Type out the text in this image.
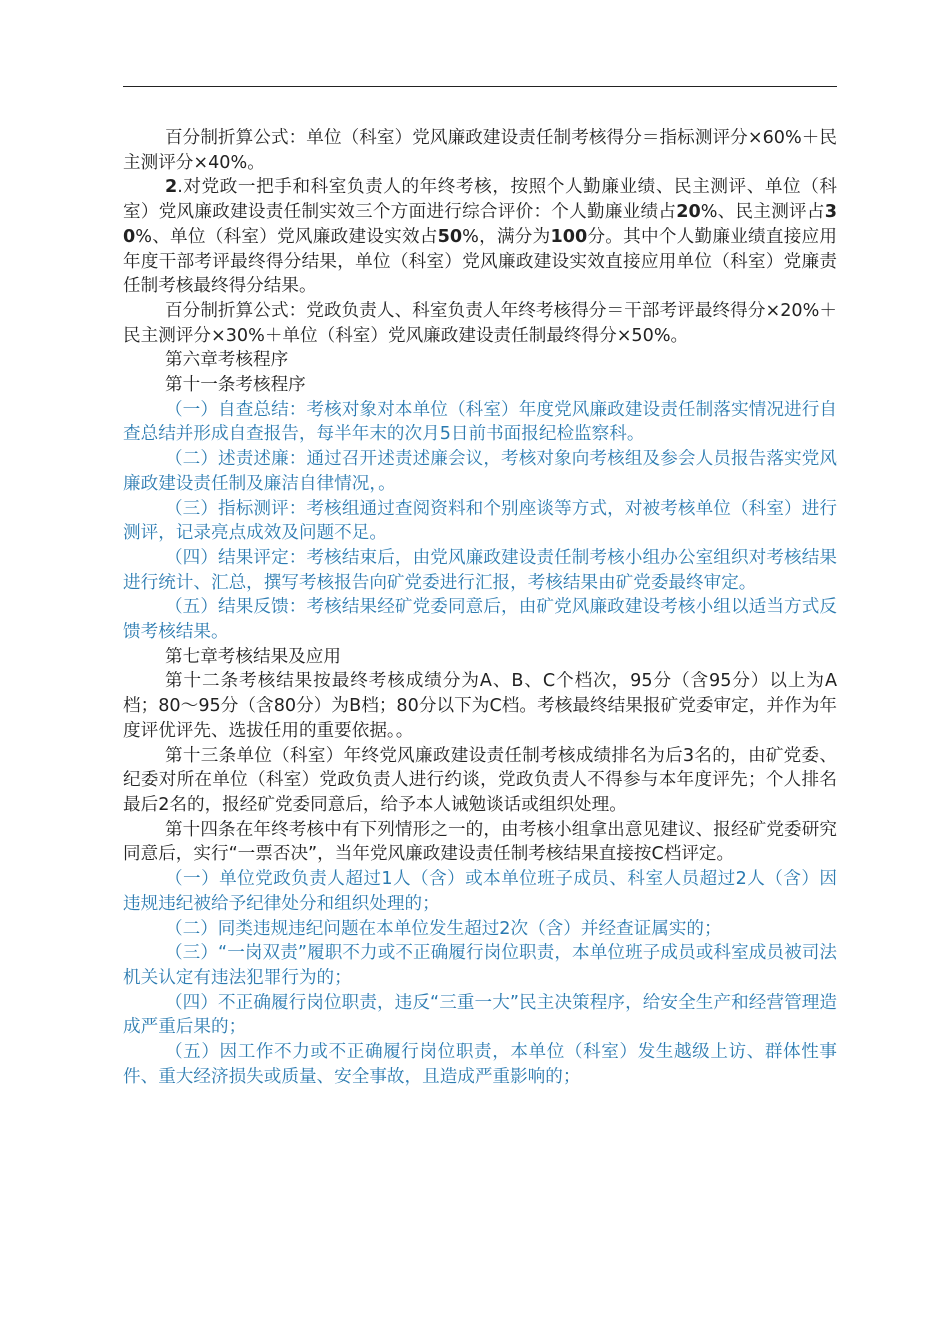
百分制折算公式：单位（科室）党风廉政建设责任制考核得分＝指标测评分×60%＋民主测评分×40%。

2.对党政一把手和科室负责人的年终考核，按照个人勤廉业绩、民主测评、单位（科室）党风廉政建设责任制实效三个方面进行综合评价：个人勤廉业绩占20%、民主测评占30%、单位（科室）党风廉政建设实效占50%，满分为100分。其中个人勤廉业绩直接应用年度干部考评最终得分结果，单位（科室）党风廉政建设实效直接应用单位（科室）党廉责任制考核最终得分结果。

百分制折算公式：党政负责人、科室负责人年终考核得分＝干部考评最终得分×20%＋民主测评分×30%＋单位（科室）党风廉政建设责任制最终得分×50%。

第六章考核程序

第十一条考核程序

（一）自查总结：考核对象对本单位（科室）年度党风廉政建设责任制落实情况进行自查总结并形成自查报告，每半年末的次月5日前书面报纪检监察科。

（二）述责述廉：通过召开述责述廉会议，考核对象向考核组及参会人员报告落实党风廉政建设责任制及廉洁自律情况，。

（三）指标测评：考核组通过查阅资料和个别座谈等方式，对被考核单位（科室）进行测评，记录亮点成效及问题不足。

（四）结果评定：考核结束后，由党风廉政建设责任制考核小组办公室组织对考核结果进行统计、汇总，撰写考核报告向矿党委进行汇报，考核结果由矿党委最终审定。

（五）结果反馈：考核结果经矿党委同意后，由矿党风廉政建设考核小组以适当方式反馈考核结果。

第七章考核结果及应用

第十二条考核结果按最终考核成绩分为A、B、C个档次，95分（含95分）以上为A档；80～95分（含80分）为B档；80分以下为C档。考核最终结果报矿党委审定，并作为年度评优评先、选拔任用的重要依据。。

第十三条单位（科室）年终党风廉政建设责任制考核成绩排名为后3名的，由矿党委、纪委对所在单位（科室）党政负责人进行约谈，党政负责人不得参与本年度评先；个人排名最后2名的，报经矿党委同意后，给予本人诫勉谈话或组织处理。

第十四条在年终考核中有下列情形之一的，由考核小组拿出意见建议、报经矿党委研究同意后，实行“一票否决”，当年党风廉政建设责任制考核结果直接按C档评定。

（一）单位党政负责人超过1人（含）或本单位班子成员、科室人员超过2人（含）因违规违纪被给予纪律处分和组织处理的；

（二）同类违规违纪问题在本单位发生超过2次（含）并经查证属实的；

（三）“一岗双责”履职不力或不正确履行岗位职责，本单位班子成员或科室成员被司法机关认定有违法犯罪行为的；

（四）不正确履行岗位职责，违反“三重一大”民主决策程序，给安全生产和经营管理造成严重后果的；

（五）因工作不力或不正确履行岗位职责，本单位（科室）发生越级上访、群体性事件、重大经济损失或质量、安全事故，且造成严重影响的；
